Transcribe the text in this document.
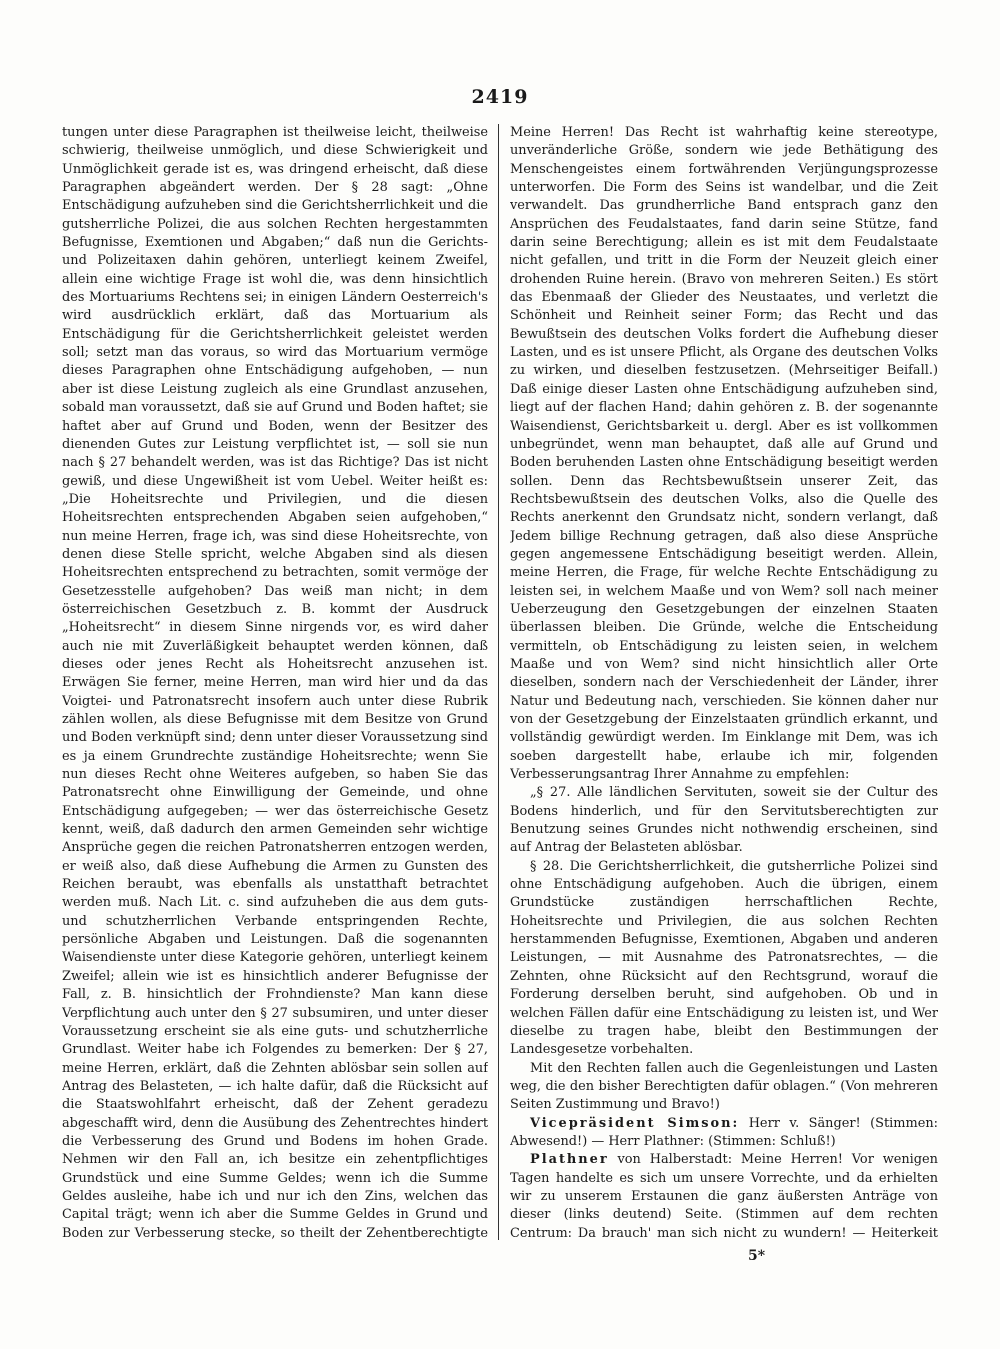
2419

tungen unter diese Paragraphen ist theilweise leicht, theilweise schwierig, theilweise unmöglich, und diese Schwierigkeit und Unmöglichkeit gerade ist es, was dringend erheischt, daß diese Paragraphen abgeändert werden. Der § 28 sagt: „Ohne Entschädigung aufzuheben sind die Gerichtsherrlichkeit und die gutsherrliche Polizei, die aus solchen Rechten hergestammten Befugnisse, Exemtionen und Abgaben;“ daß nun die Gerichts- und Polizeitaxen dahin gehören, unterliegt keinem Zweifel, allein eine wichtige Frage ist wohl die, was denn hinsichtlich des Mortuariums Rechtens sei; in einigen Ländern Oesterreich's wird ausdrücklich erklärt, daß das Mortuarium als Entschädigung für die Gerichtsherrlichkeit geleistet werden soll; setzt man das voraus, so wird das Mortuarium vermöge dieses Paragraphen ohne Entschädigung aufgehoben, — nun aber ist diese Leistung zugleich als eine Grundlast anzusehen, sobald man voraussetzt, daß sie auf Grund und Boden haftet; sie haftet aber auf Grund und Boden, wenn der Besitzer des dienenden Gutes zur Leistung verpflichtet ist, — soll sie nun nach § 27 behandelt werden, was ist das Richtige? Das ist nicht gewiß, und diese Ungewißheit ist vom Uebel. Weiter heißt es: „Die Hoheitsrechte und Privilegien, und die diesen Hoheitsrechten entsprechenden Abgaben seien aufgehoben,“ nun meine Herren, frage ich, was sind diese Hoheitsrechte, von denen diese Stelle spricht, welche Abgaben sind als diesen Hoheitsrechten entsprechend zu betrachten, somit vermöge der Gesetzesstelle aufgehoben? Das weiß man nicht; in dem österreichischen Gesetzbuch z. B. kommt der Ausdruck „Hoheitsrecht“ in diesem Sinne nirgends vor, es wird daher auch nie mit Zuverläßigkeit behauptet werden können, daß dieses oder jenes Recht als Hoheitsrecht anzusehen ist. Erwägen Sie ferner, meine Herren, man wird hier und da das Voigtei- und Patronatsrecht insofern auch unter diese Rubrik zählen wollen, als diese Befugnisse mit dem Besitze von Grund und Boden verknüpft sind; denn unter dieser Voraussetzung sind es ja einem Grundrechte zuständige Hoheitsrechte; wenn Sie nun dieses Recht ohne Weiteres aufgeben, so haben Sie das Patronatsrecht ohne Einwilligung der Gemeinde, und ohne Entschädigung aufgegeben; — wer das österreichische Gesetz kennt, weiß, daß dadurch den armen Gemeinden sehr wichtige Ansprüche gegen die reichen Patronatsherren entzogen werden, er weiß also, daß diese Aufhebung die Armen zu Gunsten des Reichen beraubt, was ebenfalls als unstatthaft betrachtet werden muß. Nach Lit. c. sind aufzuheben die aus dem guts- und schutzherrlichen Verbande entspringenden Rechte, persönliche Abgaben und Leistungen. Daß die sogenannten Waisendienste unter diese Kategorie gehören, unterliegt keinem Zweifel; allein wie ist es hinsichtlich anderer Befugnisse der Fall, z. B. hinsichtlich der Frohndienste? Man kann diese Verpflichtung auch unter den § 27 subsumiren, und unter dieser Voraussetzung erscheint sie als eine guts- und schutzherrliche Grundlast. Weiter habe ich Folgendes zu bemerken: Der § 27, meine Herren, erklärt, daß die Zehnten ablösbar sein sollen auf Antrag des Belasteten, — ich halte dafür, daß die Rücksicht auf die Staatswohlfahrt erheischt, daß der Zehent geradezu abgeschafft wird, denn die Ausübung des Zehentrechtes hindert die Verbesserung des Grund und Bodens im hohen Grade. Nehmen wir den Fall an, ich besitze ein zehentpflichtiges Grundstück und eine Summe Geldes; wenn ich die Summe Geldes ausleihe, habe ich und nur ich den Zins, welchen das Capital trägt; wenn ich aber die Summe Geldes in Grund und Boden zur Verbesserung stecke, so theilt der Zehentberechtigte

Meine Herren! Das Recht ist wahrhaftig keine stereotype, unveränderliche Größe, sondern wie jede Bethätigung des Menschengeistes einem fortwährenden Verjüngungsprozesse unterworfen. Die Form des Seins ist wandelbar, und die Zeit verwandelt. Das grundherrliche Band entsprach ganz den Ansprüchen des Feudalstaates, fand darin seine Stütze, fand darin seine Berechtigung; allein es ist mit dem Feudalstaate nicht gefallen, und tritt in die Form der Neuzeit gleich einer drohenden Ruine herein. (Bravo von mehreren Seiten.) Es stört das Ebenmaaß der Glieder des Neustaates, und verletzt die Schönheit und Reinheit seiner Form; das Recht und das Bewußtsein des deutschen Volks fordert die Aufhebung dieser Lasten, und es ist unsere Pflicht, als Organe des deutschen Volks zu wirken, und dieselben festzusetzen. (Mehrseitiger Beifall.) Daß einige dieser Lasten ohne Entschädigung aufzuheben sind, liegt auf der flachen Hand; dahin gehören z. B. der sogenannte Waisendienst, Gerichtsbarkeit u. dergl. Aber es ist vollkommen unbegründet, wenn man behauptet, daß alle auf Grund und Boden beruhenden Lasten ohne Entschädigung beseitigt werden sollen. Denn das Rechtsbewußtsein unserer Zeit, das Rechtsbewußtsein des deutschen Volks, also die Quelle des Rechts anerkennt den Grundsatz nicht, sondern verlangt, daß Jedem billige Rechnung getragen, daß also diese Ansprüche gegen angemessene Entschädigung beseitigt werden. Allein, meine Herren, die Frage, für welche Rechte Entschädigung zu leisten sei, in welchem Maaße und von Wem? soll nach meiner Ueberzeugung den Gesetzgebungen der einzelnen Staaten überlassen bleiben. Die Gründe, welche die Entscheidung vermitteln, ob Entschädigung zu leisten seien, in welchem Maaße und von Wem? sind nicht hinsichtlich aller Orte dieselben, sondern nach der Verschiedenheit der Länder, ihrer Natur und Bedeutung nach, verschieden. Sie können daher nur von der Gesetzgebung der Einzelstaaten gründlich erkannt, und vollständig gewürdigt werden. Im Einklange mit Dem, was ich soeben dargestellt habe, erlaube ich mir, folgenden Verbesserungsantrag Ihrer Annahme zu empfehlen:

„§ 27. Alle ländlichen Servituten, soweit sie der Cultur des Bodens hinderlich, und für den Servitutsberechtigten zur Benutzung seines Grundes nicht nothwendig erscheinen, sind auf Antrag der Belasteten ablösbar.

§ 28. Die Gerichtsherrlichkeit, die gutsherrliche Polizei sind ohne Entschädigung aufgehoben. Auch die übrigen, einem Grundstücke zuständigen herrschaftlichen Rechte, Hoheitsrechte und Privilegien, die aus solchen Rechten herstammenden Befugnisse, Exemtionen, Abgaben und anderen Leistungen, — mit Ausnahme des Patronatsrechtes, — die Zehnten, ohne Rücksicht auf den Rechtsgrund, worauf die Forderung derselben beruht, sind aufgehoben. Ob und in welchen Fällen dafür eine Entschädigung zu leisten ist, und Wer dieselbe zu tragen habe, bleibt den Bestimmungen der Landesgesetze vorbehalten.

Mit den Rechten fallen auch die Gegenleistungen und Lasten weg, die den bisher Berechtigten dafür oblagen.“ (Von mehreren Seiten Zustimmung und Bravo!)

Vicepräsident Simson: Herr v. Sänger! (Stimmen: Abwesend!) — Herr Plathner: (Stimmen: Schluß!)

Plathner von Halberstadt: Meine Herren! Vor wenigen Tagen handelte es sich um unsere Vorrechte, und da erhielten wir zu unserem Erstaunen die ganz äußersten Anträge von dieser (links deutend) Seite. (Stimmen auf dem rechten Centrum: Da brauch' man sich nicht zu wundern! — Heiterkeit

5*
